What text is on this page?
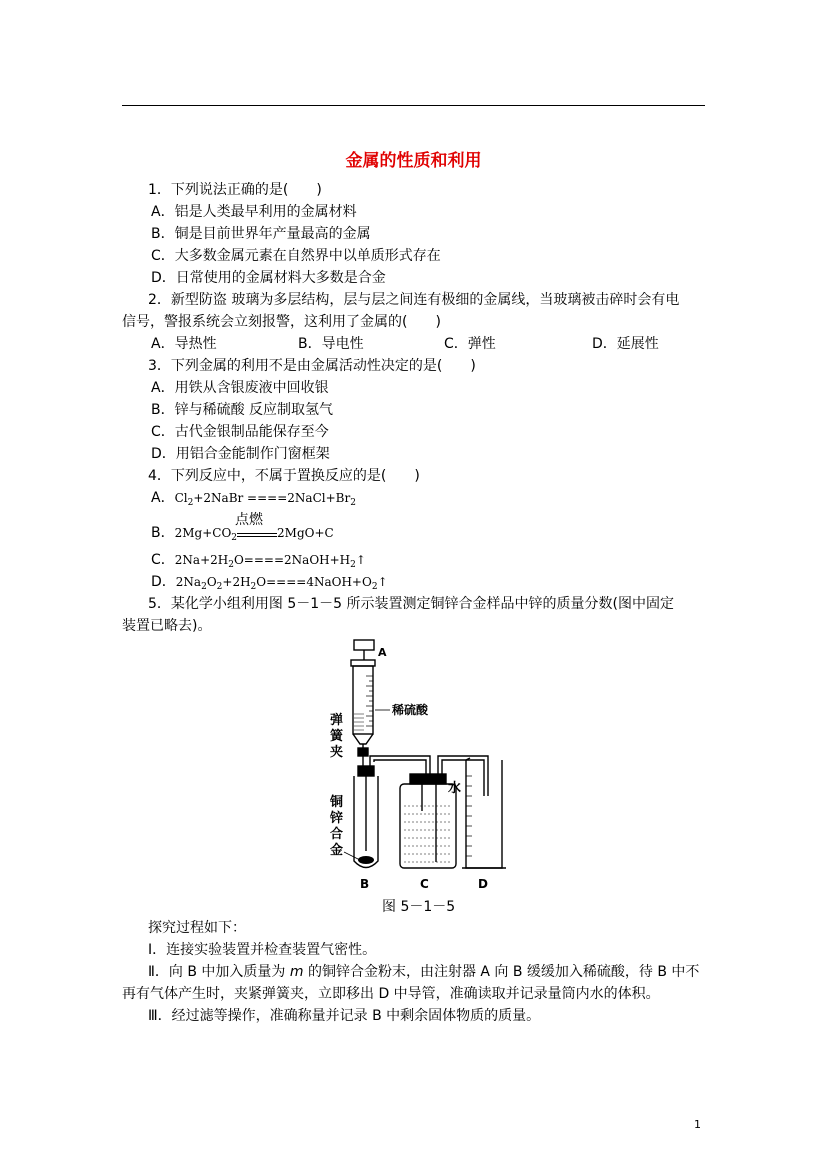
金属的性质和利用
1．下列说法正确的是(　　)
A．铝是人类最早利用的金属材料
B．铜是目前世界年产量最高的金属
C．大多数金属元素在自然界中以单质形式存在
D．日常使用的金属材料大多数是合金
2．新型防盗 玻璃为多层结构，层与层之间连有极细的金属线，当玻璃被击碎时会有电
信号，警报系统会立刻报警，这利用了金属的(　　)
A．导热性	B．导电性	C．弹性	D．延展性
3．下列金属的利用不是由金属活动性决定的是(　　)
A．用铁从含银废液中回收银
B．锌与稀硫酸 反应制取氢气
C．古代金银制品能保存至今
D．用铝合金能制作门窗框架
4．下列反应中，不属于置换反应的是(　　)
A．$Cl_2+2NaBr$ $====2NaCl+Br_2$
B．$2Mg+CO_2$
点燃
2MgO+C
C．$2Na+2H_2O====2NaOH+H_2↑$
D．$2Na_2O_2+2H_2O====4NaOH+O_2↑$
5．某化学小组利用图 5－1－5 所示装置测定铜锌合金样品中锌的质量分数(图中固定
装置已略去)。
A
稀硫酸
弹
簧
夹
水
铜
锌
合
金
B	C	D
图 5－1－5
探究过程如下：
Ⅰ．连接实验装置并检查装置气密性。
Ⅱ．向 B 中加入质量为 m 的铜锌合金粉末，由注射器 A 向 B 缓缓加入稀硫酸，待 B 中不
再有气体产生时，夹紧弹簧夹，立即移出 D 中导管，准确读取并记录量筒内水的体积。
Ⅲ．经过滤等操作，准确称量并记录 B 中剩余固体物质的质量。
1
